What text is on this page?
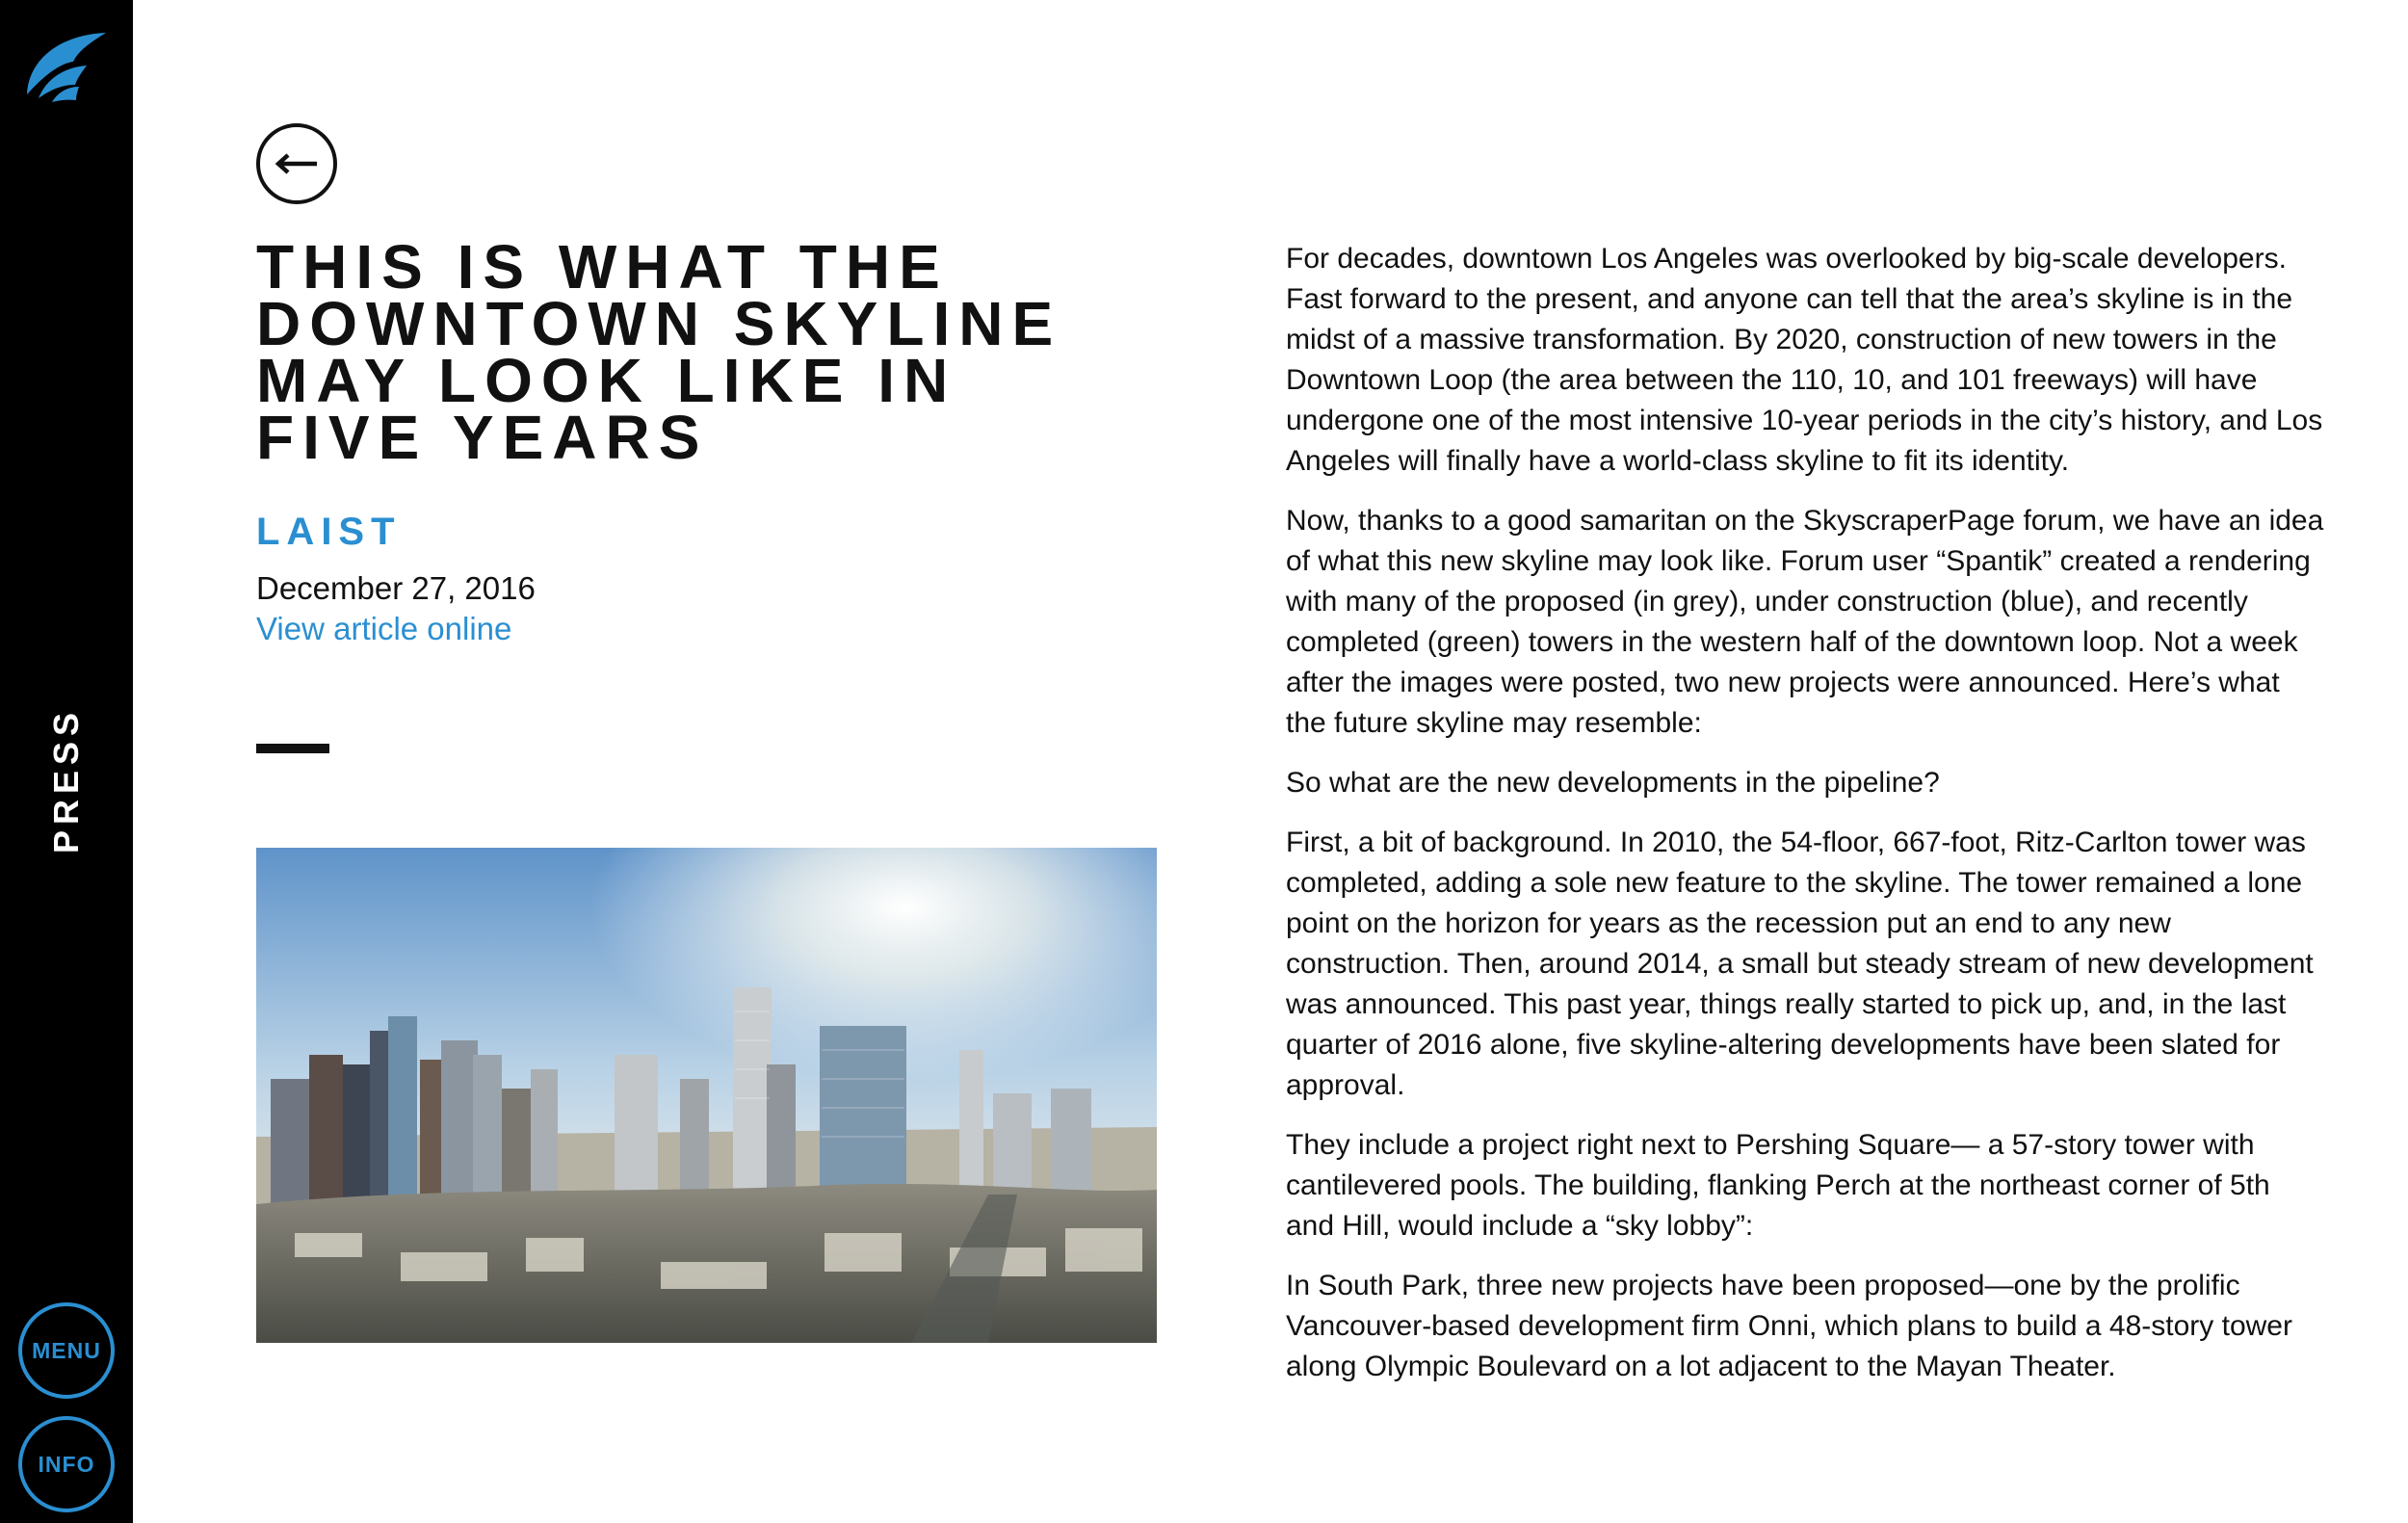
PRESS
MENU
INFO
THIS IS WHAT THE DOWNTOWN SKYLINE MAY LOOK LIKE IN FIVE YEARS
LAIST
December 27, 2016
View article online

For decades, downtown Los Angeles was overlooked by big-scale developers. Fast forward to the present, and anyone can tell that the area’s skyline is in the midst of a massive transformation. By 2020, construction of new towers in the Downtown Loop (the area between the 110, 10, and 101 freeways) will have undergone one of the most intensive 10-year periods in the city’s history, and Los Angeles will finally have a world-class skyline to fit its identity.

Now, thanks to a good samaritan on the SkyscraperPage forum, we have an idea of what this new skyline may look like. Forum user “Spantik” created a rendering with many of the proposed (in grey), under construction (blue), and recently completed (green) towers in the western half of the downtown loop. Not a week after the images were posted, two new projects were announced. Here’s what the future skyline may resemble:

So what are the new developments in the pipeline?

First, a bit of background. In 2010, the 54-floor, 667-foot, Ritz-Carlton tower was completed, adding a sole new feature to the skyline. The tower remained a lone point on the horizon for years as the recession put an end to any new construction. Then, around 2014, a small but steady stream of new development was announced. This past year, things really started to pick up, and, in the last quarter of 2016 alone, five skyline-altering developments have been slated for approval.

They include a project right next to Pershing Square— a 57-story tower with cantilevered pools. The building, flanking Perch at the northeast corner of 5th and Hill, would include a “sky lobby”:

In South Park, three new projects have been proposed—one by the prolific Vancouver-based development firm Onni, which plans to build a 48-story tower along Olympic Boulevard on a lot adjacent to the Mayan Theater.
